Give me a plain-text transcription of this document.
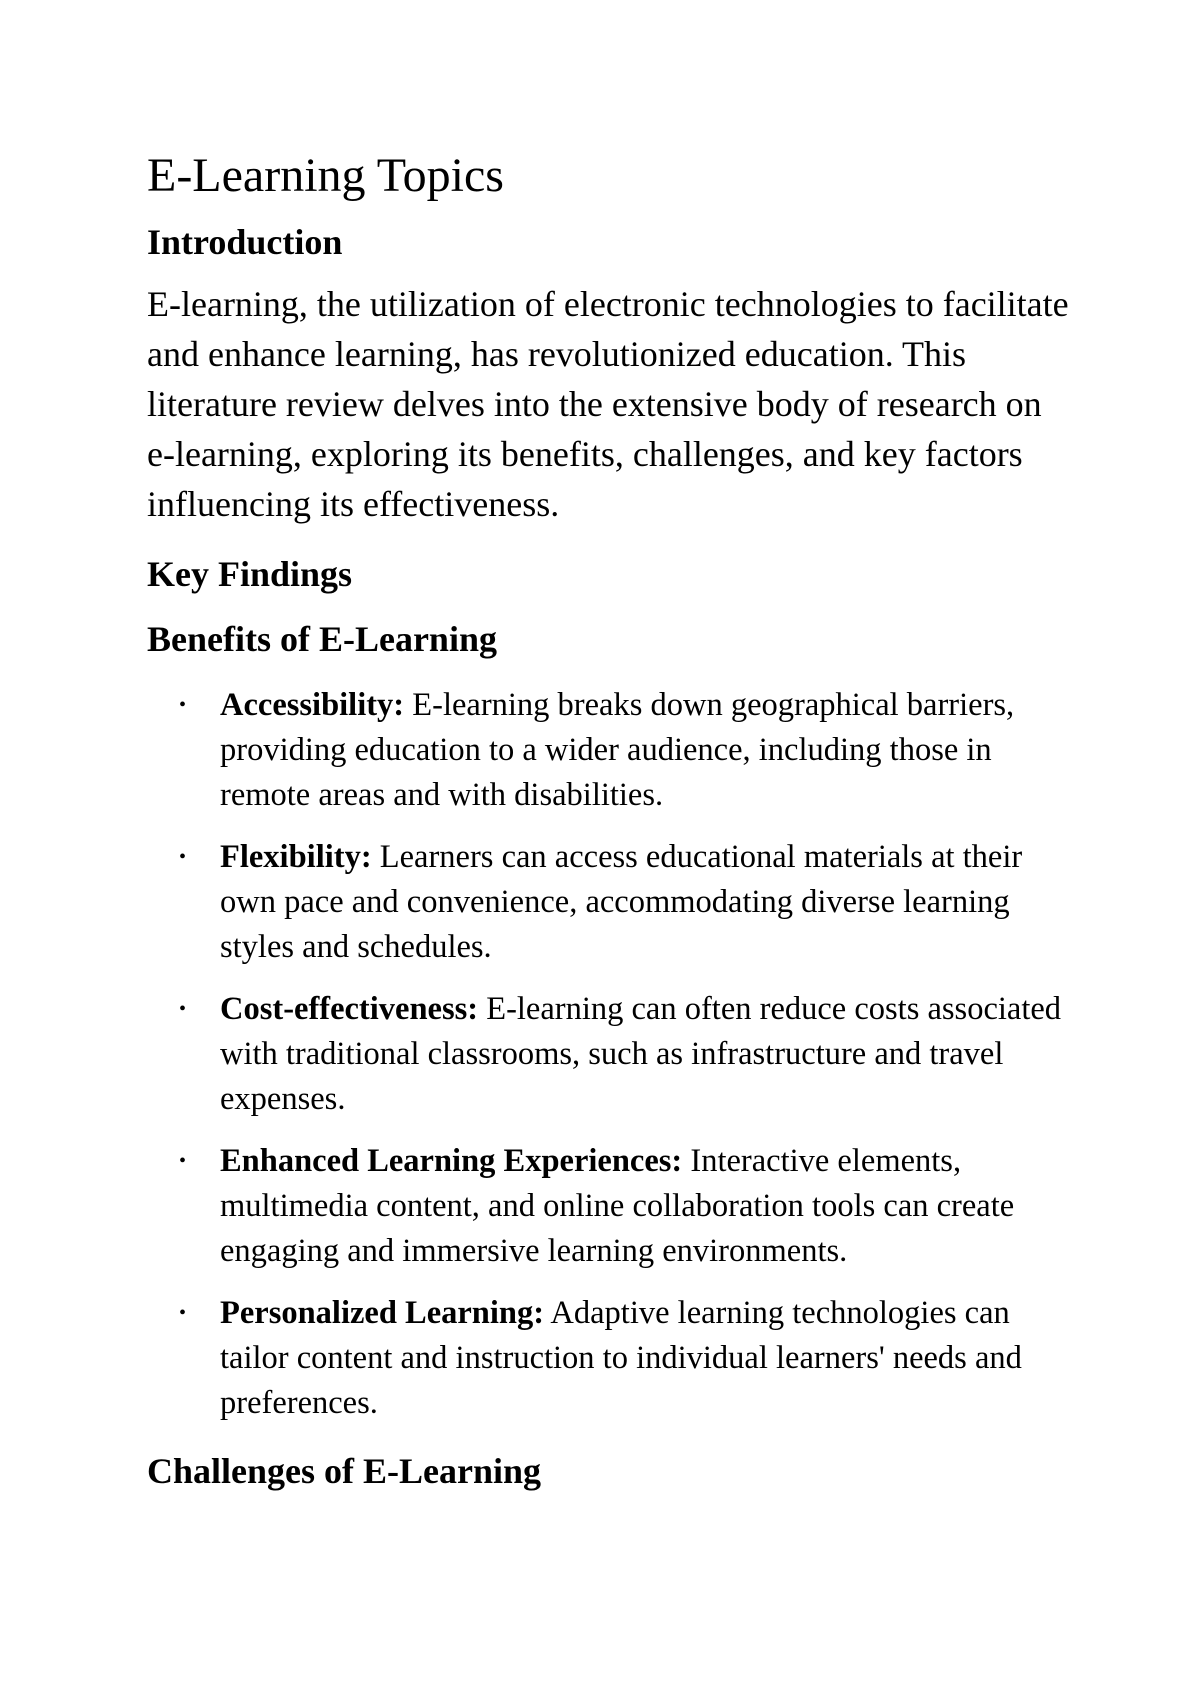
E-Learning Topics
Introduction

E-learning, the utilization of electronic technologies to facilitate and enhance learning, has revolutionized education. This literature review delves into the extensive body of research on e-learning, exploring its benefits, challenges, and key factors influencing its effectiveness.

Key Findings
Benefits of E-Learning
• Accessibility: E-learning breaks down geographical barriers, providing education to a wider audience, including those in remote areas and with disabilities.
• Flexibility: Learners can access educational materials at their own pace and convenience, accommodating diverse learning styles and schedules.
• Cost-effectiveness: E-learning can often reduce costs associated with traditional classrooms, such as infrastructure and travel expenses.
• Enhanced Learning Experiences: Interactive elements, multimedia content, and online collaboration tools can create engaging and immersive learning environments.
• Personalized Learning: Adaptive learning technologies can tailor content and instruction to individual learners' needs and preferences.
Challenges of E-Learning
